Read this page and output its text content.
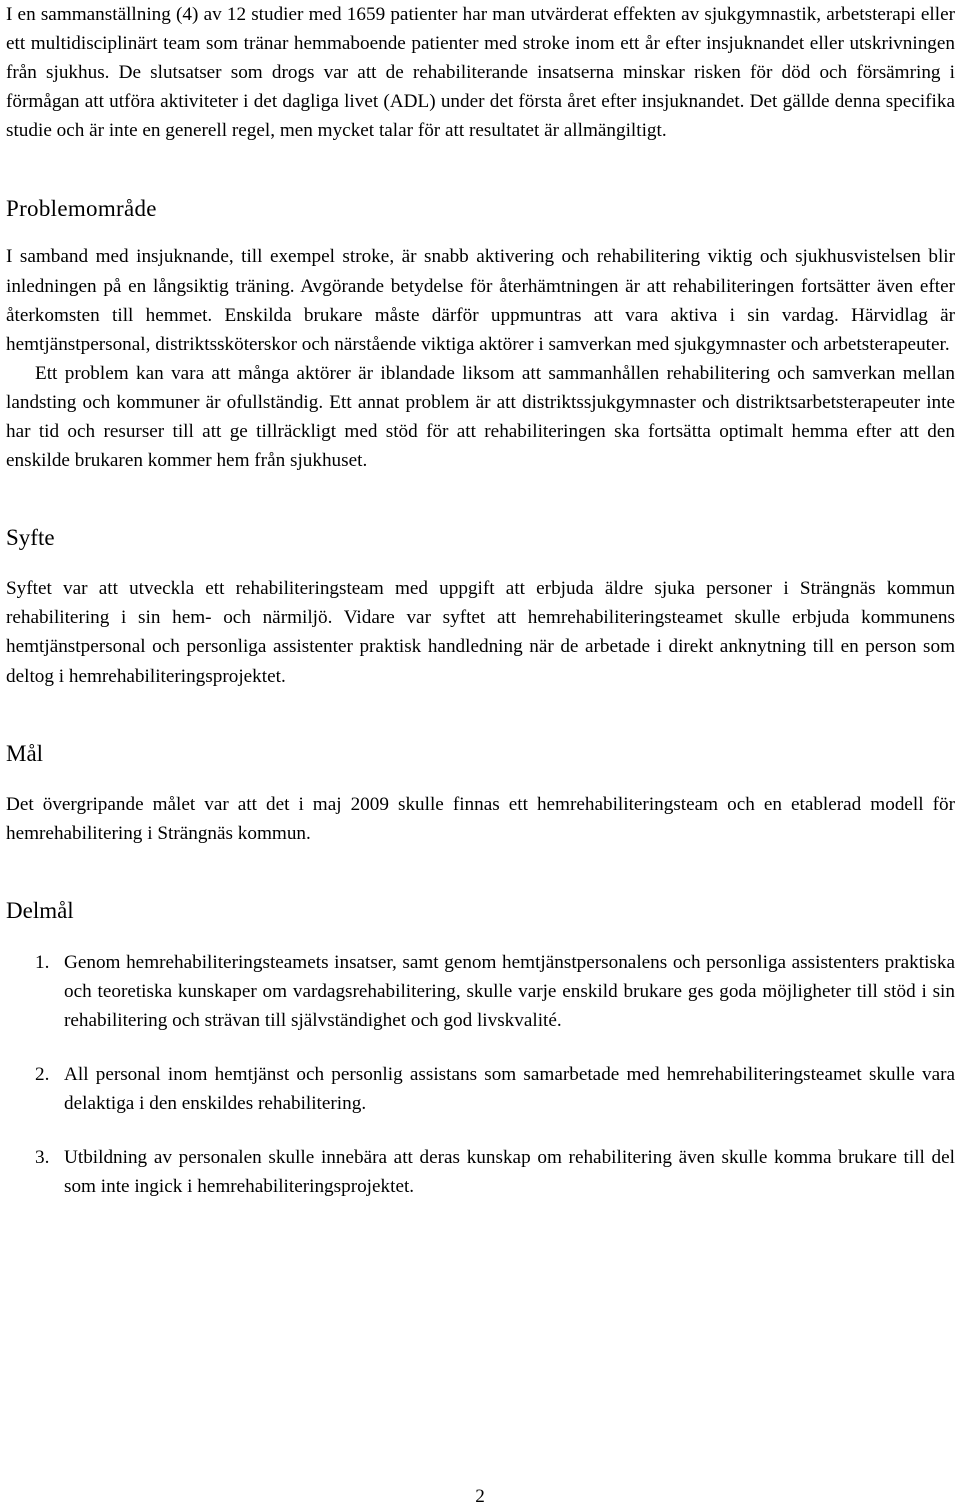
I en sammanställning (4) av 12 studier med 1659 patienter har man utvärderat effekten av sjukgymnastik, arbetsterapi eller ett multidisciplinärt team som tränar hemmaboende patienter med stroke inom ett år efter insjuknandet eller utskrivningen från sjukhus. De slutsatser som drogs var att de rehabiliterande insatserna minskar risken för död och försämring i förmågan att utföra aktiviteter i det dagliga livet (ADL) under det första året efter insjuknandet. Det gällde denna specifika studie och är inte en generell regel, men mycket talar för att resultatet är allmängiltigt.

Problemområde

I samband med insjuknande, till exempel stroke, är snabb aktivering och rehabilitering viktig och sjukhusvistelsen blir inledningen på en långsiktig träning. Avgörande betydelse för återhämtningen är att rehabiliteringen fortsätter även efter återkomsten till hemmet. Enskilda brukare måste därför uppmuntras att vara aktiva i sin vardag. Härvidlag är hemtjänstpersonal, distriktssköterskor och närstående viktiga aktörer i samverkan med sjukgymnaster och arbetsterapeuter.

Ett problem kan vara att många aktörer är iblandade liksom att sammanhållen rehabilitering och samverkan mellan landsting och kommuner är ofullständig. Ett annat problem är att distriktssjukgymnaster och distriktsarbetsterapeuter inte har tid och resurser till att ge tillräckligt med stöd för att rehabiliteringen ska fortsätta optimalt hemma efter att den enskilde brukaren kommer hem från sjukhuset.

Syfte

Syftet var att utveckla ett rehabiliteringsteam med uppgift att erbjuda äldre sjuka personer i Strängnäs kommun rehabilitering i sin hem- och närmiljö. Vidare var syftet att hemrehabiliteringsteamet skulle erbjuda kommunens hemtjänstpersonal och personliga assistenter praktisk handledning när de arbetade i direkt anknytning till en person som deltog i hemrehabiliteringsprojektet.

Mål

Det övergripande målet var att det i maj 2009 skulle finnas ett hemrehabiliteringsteam och en etablerad modell för hemrehabilitering i Strängnäs kommun.

Delmål
1. Genom hemrehabiliteringsteamets insatser, samt genom hemtjänstpersonalens och personliga assistenters praktiska och teoretiska kunskaper om vardagsrehabilitering, skulle varje enskild brukare ges goda möjligheter till stöd i sin rehabilitering och strävan till självständighet och god livskvalité.
2. All personal inom hemtjänst och personlig assistans som samarbetade med hemrehabiliteringsteamet skulle vara delaktiga i den enskildes rehabilitering.
3. Utbildning av personalen skulle innebära att deras kunskap om rehabilitering även skulle komma brukare till del som inte ingick i hemrehabiliteringsprojektet.
2
